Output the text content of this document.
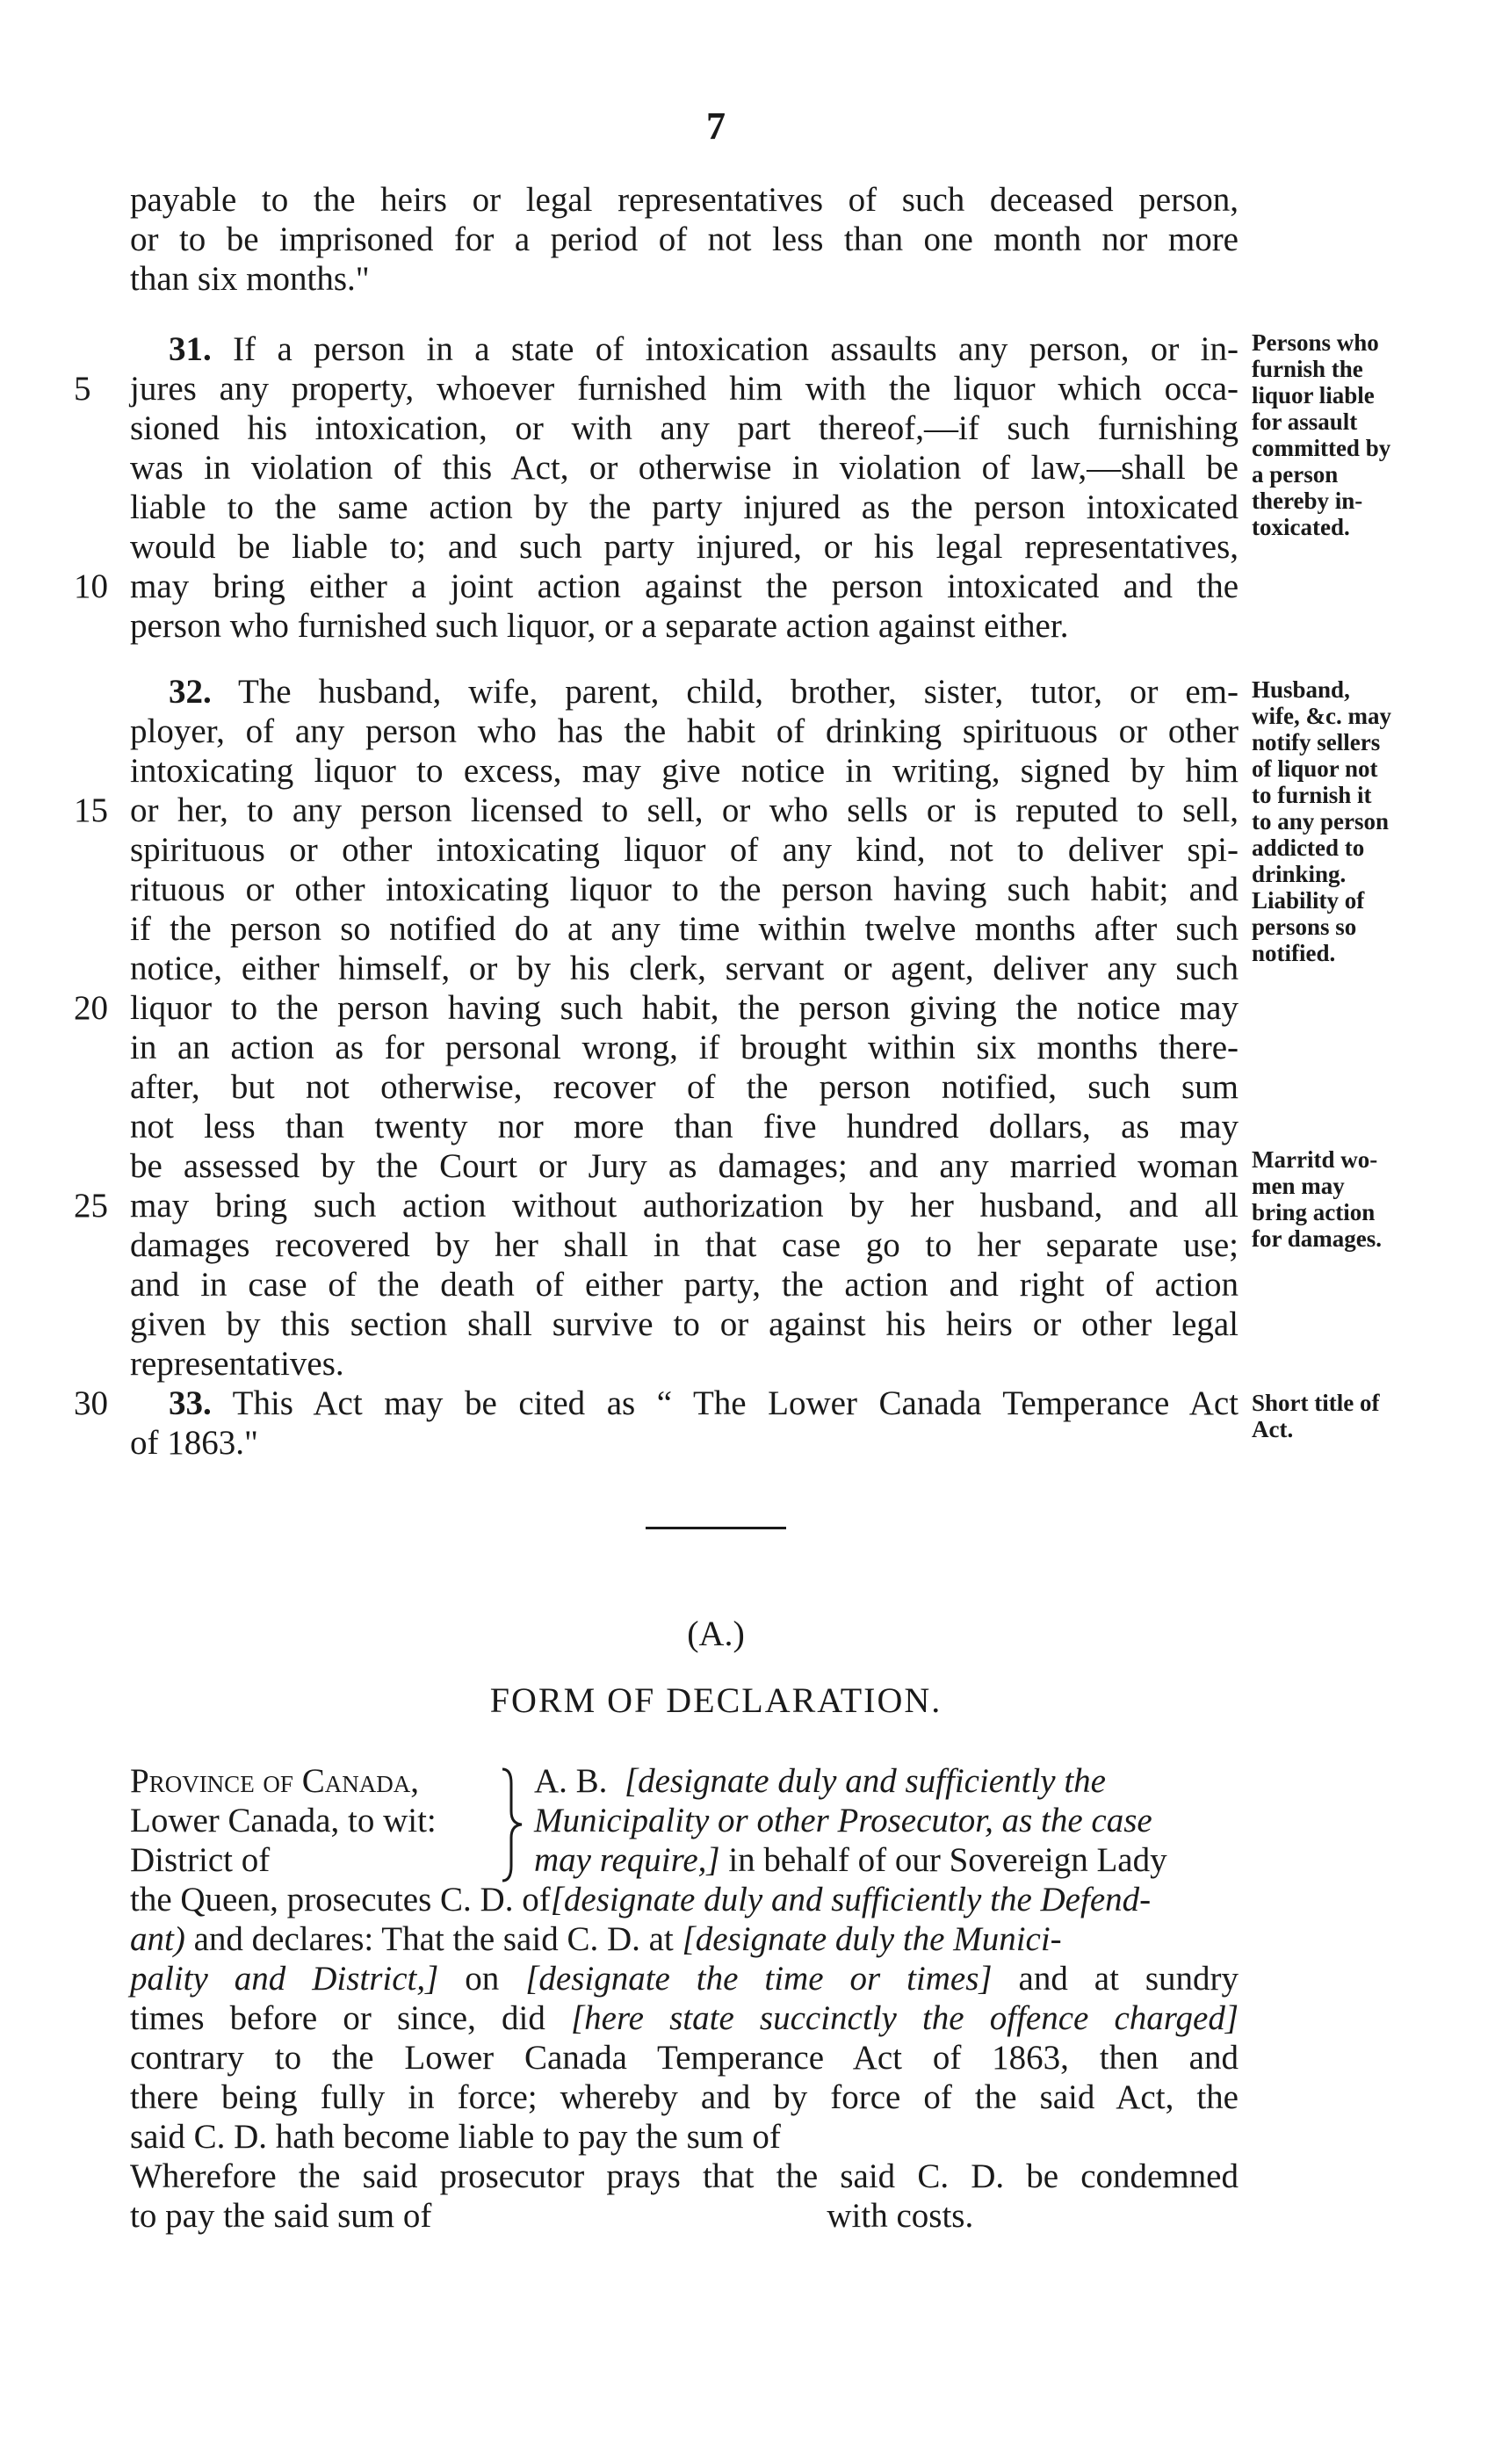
7
payable to the heirs or legal representatives of such deceased person,
or to be imprisoned for a period of not less than one month nor more
than six months."
31. If a person in a state of intoxication assaults any person, or in-
5	jures any property, whoever furnished him with the liquor which occa-
sioned his intoxication, or with any part thereof,—if such furnishing
was in violation of this Act, or otherwise in violation of law,—shall be
liable to the same action by the party injured as the person intoxicated
would be liable to; and such party injured, or his legal representatives,
10 may bring either a joint action against the person intoxicated and the
person who furnished such liquor, or a separate action against either.
Persons who
furnish the
liquor liable
for assault
committed by
a person
thereby in-
toxicated.
32. The husband, wife, parent, child, brother, sister, tutor, or em-
ployer, of any person who has the habit of drinking spirituous or other
intoxicating liquor to excess, may give notice in writing, signed by him
15 or her, to any person licensed to sell, or who sells or is reputed to sell,
spirituous or other intoxicating liquor of any kind, not to deliver spi-
rituous or other intoxicating liquor to the person having such habit; and
if the person so notified do at any time within twelve months after such
notice, either himself, or by his clerk, servant or agent, deliver any such
20 liquor to the person having such habit, the person giving the notice may
in an action as for personal wrong, if brought within six months there-
after, but not otherwise, recover of the person notified, such sum
not less than twenty nor more than five hundred dollars, as may
be assessed by the Court or Jury as damages; and any married woman
25 may bring such action without authorization by her husband, and all
damages recovered by her shall in that case go to her separate use;
and in case of the death of either party, the action and right of action
given by this section shall survive to or against his heirs or other legal
representatives.
Husband,
wife, &c. may
notify sellers
of liquor not
to furnish it
to any person
addicted to
drinking.
Liability of
persons so
notified.
Marritd wo-
men may
bring action
for damages.
30	33. This Act may be cited as “ The Lower Canada Temperance Act
of 1863."
Short title of
Act.
(A.)
FORM OF DECLARATION.
Province of Canada,
Lower Canada, to wit:
District of
A. B. [designate duly and sufficiently the
Municipality or other Prosecutor, as the case
may require,] in behalf of our Sovereign Lady
the Queen, prosecutes C. D. of[designate duly and sufficiently the Defend-
ant) and declares: That the said C. D. at [designate duly the Munici-
pality and District,] on [designate the time or times] and at sundry
times before or since, did [here state succinctly the offence charged]
contrary to the Lower Canada Temperance Act of 1863, then and
there being fully in force; whereby and by force of the said Act, the
said C. D. hath become liable to pay the sum of
Wherefore the said prosecutor prays that the said C. D. be condemned
to pay the said sum of	with costs.
